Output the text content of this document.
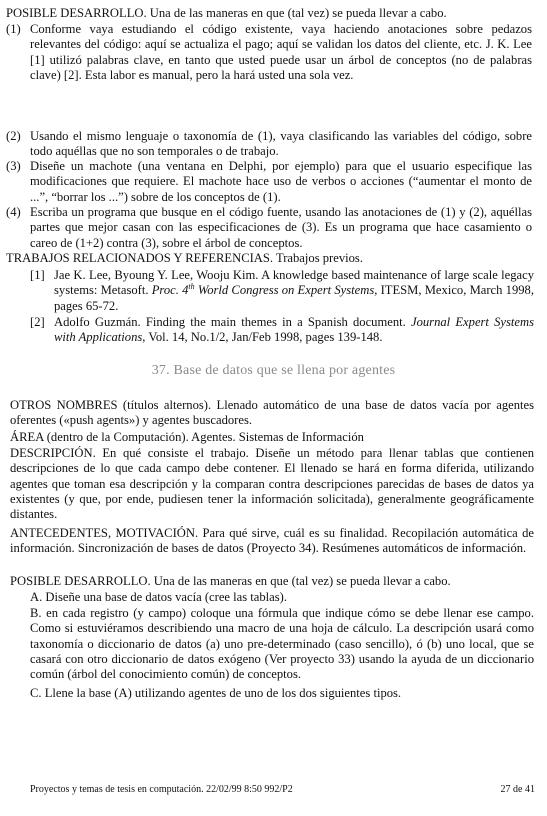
POSIBLE DESARROLLO. Una de las maneras en que (tal vez) se pueda llevar a cabo.

(1) Conforme vaya estudiando el código existente, vaya haciendo anotaciones sobre pedazos relevantes del código: aquí se actualiza el pago; aquí se validan los datos del cliente, etc. J. K. Lee [1] utilizó palabras clave, en tanto que usted puede usar un árbol de conceptos (no de palabras clave) [2]. Esta labor es manual, pero la hará usted una sola vez.
(2) Usando el mismo lenguaje o taxonomía de (1), vaya clasificando las variables del código, sobre todo aquéllas que no son temporales o de trabajo.
(3) Diseñe un machote (una ventana en Delphi, por ejemplo) para que el usuario especifique las modificaciones que requiere. El machote hace uso de verbos o acciones (“aumentar el monto de ...”, “borrar los ...”) sobre de los conceptos de (1).
(4) Escriba un programa que busque en el código fuente, usando las anotaciones de (1) y (2), aquéllas partes que mejor casan con las especificaciones de (3). Es un programa que hace casamiento o careo de (1+2) contra (3), sobre el árbol de conceptos.

TRABAJOS RELACIONADOS Y REFERENCIAS. Trabajos previos.

[1] Jae K. Lee, Byoung Y. Lee, Wooju Kim. A knowledge based maintenance of large scale legacy systems: Metasoft. Proc. 4th World Congress on Expert Systems, ITESM, Mexico, March 1998, pages 65-72.
[2] Adolfo Guzmán. Finding the main themes in a Spanish document. Journal Expert Systems with Applications, Vol. 14, No.1/2, Jan/Feb 1998, pages 139-148.
37. Base de datos que se llena por agentes

OTROS NOMBRES (títulos alternos). Llenado automático de una base de datos vacía por agentes oferentes («push agents») y agentes buscadores.

ÁREA (dentro de la Computación). Agentes. Sistemas de Información

DESCRIPCIÓN. En qué consiste el trabajo. Diseñe un método para llenar tablas que contienen descripciones de lo que cada campo debe contener. El llenado se hará en forma diferida, utilizando agentes que toman esa descripción y la comparan contra descripciones parecidas de bases de datos ya existentes (y que, por ende, pudiesen tener la información solicitada), generalmente geográficamente distantes.

ANTECEDENTES, MOTIVACIÓN. Para qué sirve, cuál es su finalidad. Recopilación automática de información. Sincronización de bases de datos (Proyecto 34). Resúmenes automáticos de información.

POSIBLE DESARROLLO. Una de las maneras en que (tal vez) se pueda llevar a cabo.

A. Diseñe una base de datos vacía (cree las tablas).

B. en cada registro (y campo) coloque una fórmula que indique cómo se debe llenar ese campo. Como si estuviéramos describiendo una macro de una hoja de cálculo. La descripción usará como taxonomía o diccionario de datos (a) uno pre-determinado (caso sencillo), ó (b) uno local, que se casará con otro diccionario de datos exógeno (Ver proyecto 33) usando la ayuda de un diccionario común (árbol del conocimiento común) de conceptos.

C. Llene la base (A) utilizando agentes de uno de los dos siguientes tipos.

Proyectos y temas de tesis en computación. 22/02/99 8:50 992/P2	27 de 41
